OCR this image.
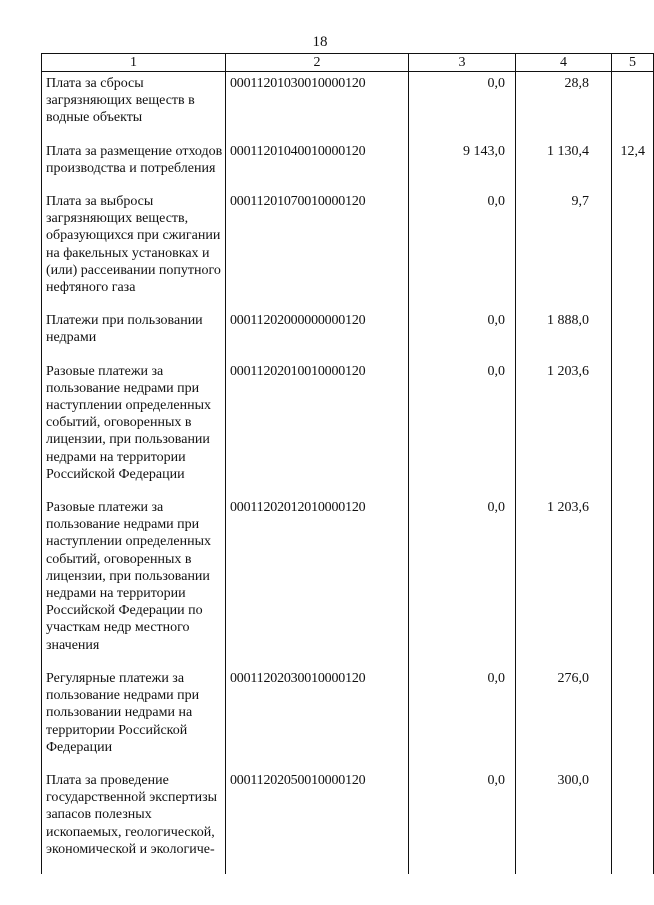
18
1	2	3	4	5
Плата за сбросы загрязняющих веществ в водные объекты	00011201030010000120	0,0	28,8	
Плата за размещение отходов производства и потребления	00011201040010000120	9 143,0	1 130,4	12,4
Плата за выбросы загрязняющих веществ, образующихся при сжигании на факельных установках и (или) рассеивании попутного нефтяного газа	00011201070010000120	0,0	9,7	
Платежи при пользовании недрами	00011202000000000120	0,0	1 888,0	
Разовые платежи за пользование недрами при наступлении определенных событий, оговоренных в лицензии, при пользовании недрами на территории Российской Федерации	00011202010010000120	0,0	1 203,6	
Разовые платежи за пользование недрами при наступлении определенных событий, оговоренных в лицензии, при пользовании недрами на территории Российской Федерации по участкам недр местного значения	00011202012010000120	0,0	1 203,6	
Регулярные платежи за пользование недрами при пользовании недрами на территории Российской Федерации	00011202030010000120	0,0	276,0	
Плата за проведение государственной экспертизы запасов полезных ископаемых, геологической, экономической и экологиче-	00011202050010000120	0,0	300,0	
